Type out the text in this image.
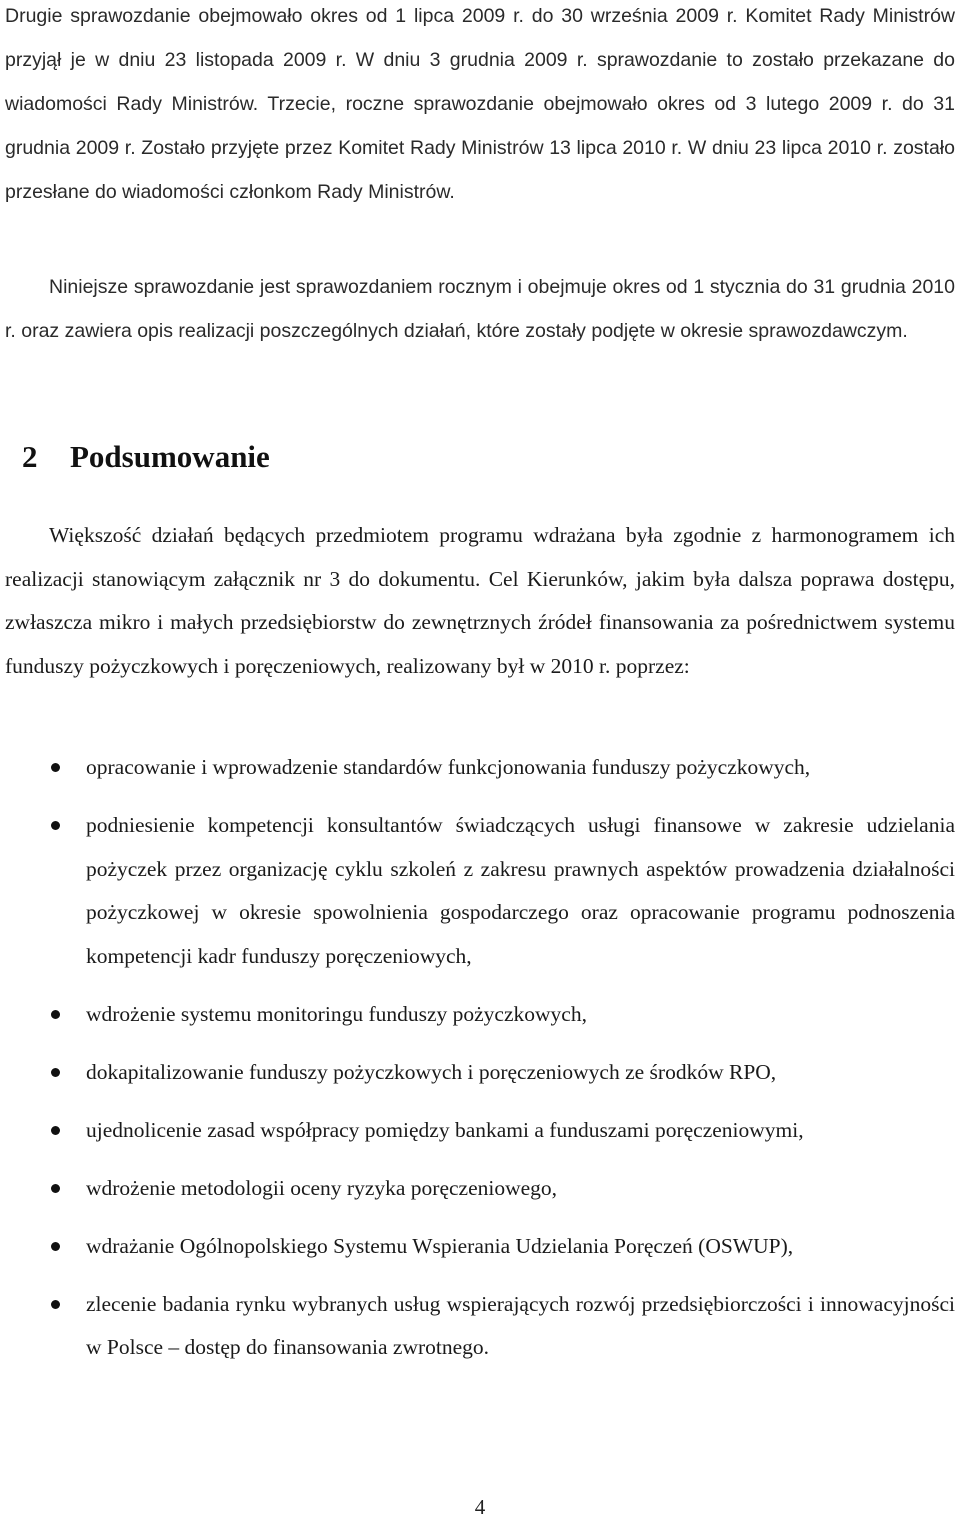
Drugie sprawozdanie obejmowało okres od 1 lipca 2009 r. do 30 września 2009 r. Komitet Rady Ministrów przyjął je w dniu 23 listopada 2009 r. W dniu 3 grudnia 2009 r. sprawozdanie to zostało przekazane do wiadomości Rady Ministrów. Trzecie, roczne sprawozdanie obejmowało okres od 3 lutego 2009 r. do 31 grudnia 2009 r. Zostało przyjęte przez Komitet Rady Ministrów 13 lipca 2010 r. W dniu 23 lipca 2010 r. zostało przesłane do wiadomości członkom Rady Ministrów.

Niniejsze sprawozdanie jest sprawozdaniem rocznym i obejmuje okres od 1 stycznia do 31 grudnia 2010 r. oraz zawiera opis realizacji poszczególnych działań, które zostały podjęte w okresie sprawozdawczym.

2 Podsumowanie

Większość działań będących przedmiotem programu wdrażana była zgodnie z harmonogramem ich realizacji stanowiącym załącznik nr 3 do dokumentu. Cel Kierunków, jakim była dalsza poprawa dostępu, zwłaszcza mikro i małych przedsiębiorstw do zewnętrznych źródeł finansowania za pośrednictwem systemu funduszy pożyczkowych i poręczeniowych, realizowany był w 2010 r. poprzez:

opracowanie i wprowadzenie standardów funkcjonowania funduszy pożyczkowych,
podniesienie kompetencji konsultantów świadczących usługi finansowe w zakresie udzielania pożyczek przez organizację cyklu szkoleń z zakresu prawnych aspektów prowadzenia działalności pożyczkowej w okresie spowolnienia gospodarczego oraz opracowanie programu podnoszenia kompetencji kadr funduszy poręczeniowych,
wdrożenie systemu monitoringu funduszy pożyczkowych,
dokapitalizowanie funduszy pożyczkowych i poręczeniowych ze środków RPO,
ujednolicenie zasad współpracy pomiędzy bankami a funduszami poręczeniowymi,
wdrożenie metodologii oceny ryzyka poręczeniowego,
wdrażanie Ogólnopolskiego Systemu Wspierania Udzielania Poręczeń (OSWUP),
zlecenie badania rynku wybranych usług wspierających rozwój przedsiębiorczości i innowacyjności w Polsce – dostęp do finansowania zwrotnego.
4
